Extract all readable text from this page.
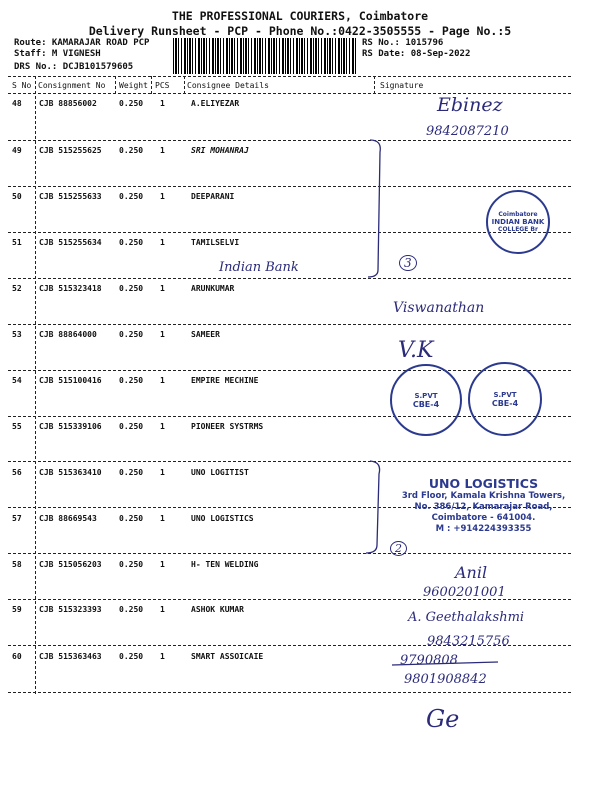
THE PROFESSIONAL COURIERS, Coimbatore
Delivery Runsheet - PCP - Phone No.:0422-3505555 - Page No.:5
Route: KAMARAJAR ROAD PCP
Staff: M VIGNESH
DRS No.: DCJB101579605
RS No.: 1015796
RS Date: 08-Sep-2022
S No Consignment No Weight PCS Consignee Details	Signature
48 CJB 88856002	0.250 1	A.ELIYEZAR
49 CJB 515255625 0.250 1	SRI MOHANRAJ
50 CJB 515255633 0.250 1	DEEPARANI
51 CJB 515255634 0.250 1	TAMILSELVI
52 CJB 515323418 0.250 1	ARUNKUMAR
53 CJB 88864000	0.250 1	SAMEER
54 CJB 515100416 0.250 1	EMPIRE MECHINE
55 CJB 515339106 0.250 1	PIONEER SYSTRMS
56 CJB 515363410 0.250 1	UNO LOGITIST
57 CJB 88669543	0.250 1	UNO LOGISTICS
58 CJB 515056203 0.250 1	H- TEN WELDING
59 CJB 515323393 0.250 1	ASHOK KUMAR
60 CJB 515363463 0.250 1	SMART ASSOICAIE
Ebinez
9842087210
Indian Bank	3
Viswanathan
V.K
2
Anil
9600201001
A. Geethalakshmi
9843215756
9790808
9801908842
Ge
Coimbatore
INDIAN BANK
COLLEGE Br
S.PVT
CBE-4
S.PVT
CBE-4
UNO LOGISTICS
3rd Floor, Kamala Krishna Towers,
No. 386/12, Kamarajar Road,
Coimbatore - 641004.
M : +914224393355
